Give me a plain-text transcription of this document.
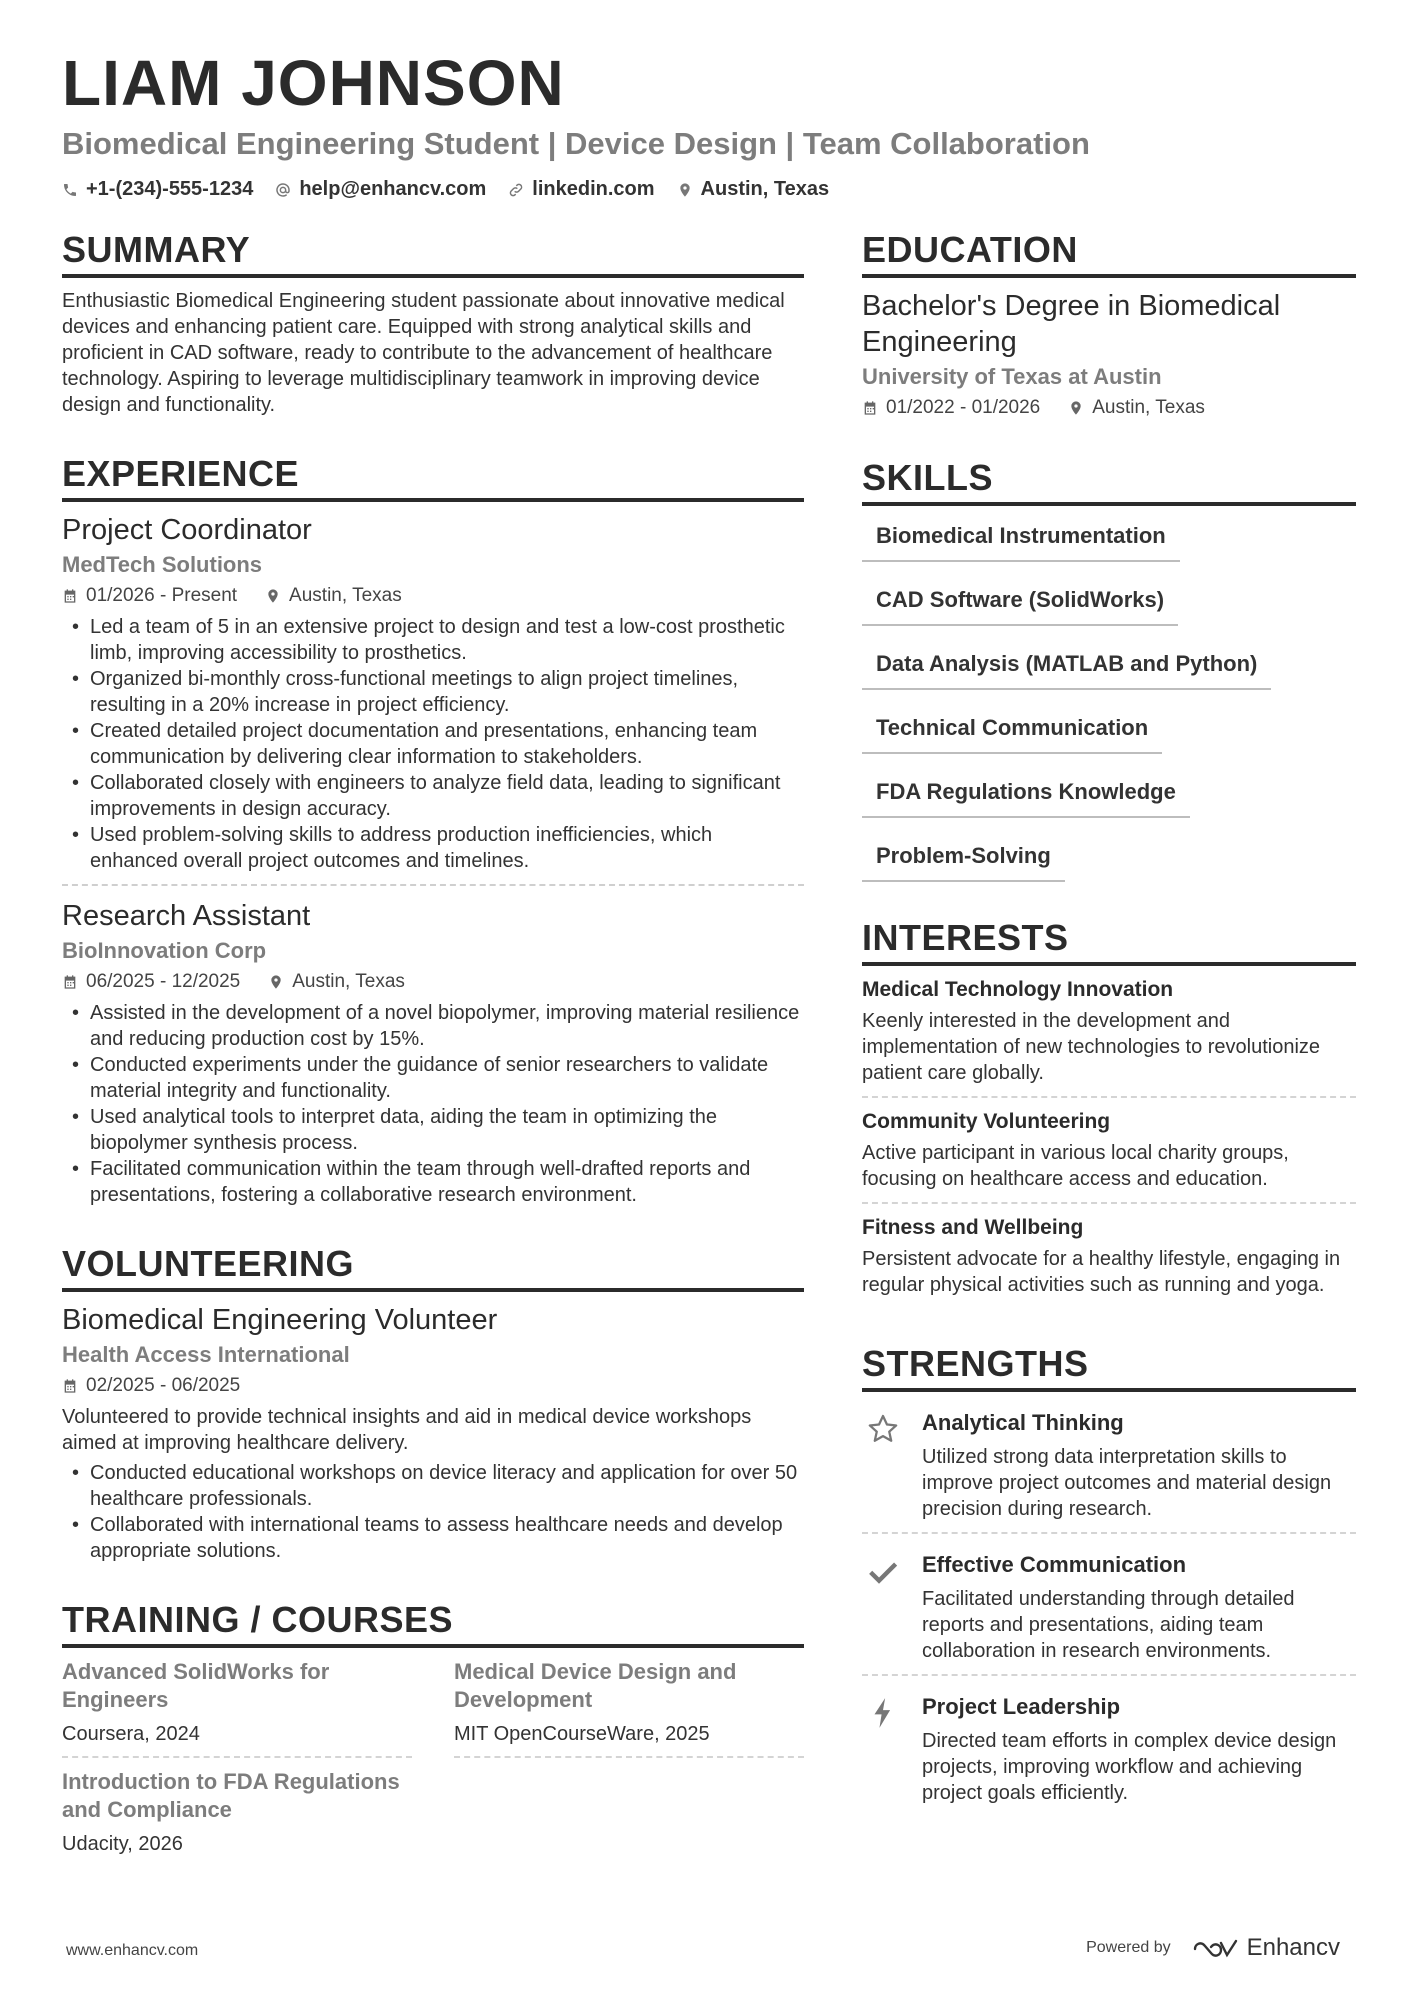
LIAM JOHNSON
Biomedical Engineering Student | Device Design | Team Collaboration
+1-(234)-555-1234 help@enhancv.com linkedin.com Austin, Texas
SUMMARY
Enthusiastic Biomedical Engineering student passionate about innovative medical devices and enhancing patient care. Equipped with strong analytical skills and proficient in CAD software, ready to contribute to the advancement of healthcare technology. Aspiring to leverage multidisciplinary teamwork in improving device design and functionality.
EXPERIENCE
Project Coordinator
MedTech Solutions
01/2026 - Present	Austin, Texas
• Led a team of 5 in an extensive project to design and test a low-cost prosthetic limb, improving accessibility to prosthetics.
• Organized bi-monthly cross-functional meetings to align project timelines, resulting in a 20% increase in project efficiency.
• Created detailed project documentation and presentations, enhancing team communication by delivering clear information to stakeholders.
• Collaborated closely with engineers to analyze field data, leading to significant improvements in design accuracy.
• Used problem-solving skills to address production inefficiencies, which enhanced overall project outcomes and timelines.
Research Assistant
BioInnovation Corp
06/2025 - 12/2025	Austin, Texas
• Assisted in the development of a novel biopolymer, improving material resilience and reducing production cost by 15%.
• Conducted experiments under the guidance of senior researchers to validate material integrity and functionality.
• Used analytical tools to interpret data, aiding the team in optimizing the biopolymer synthesis process.
• Facilitated communication within the team through well-drafted reports and presentations, fostering a collaborative research environment.
VOLUNTEERING
Biomedical Engineering Volunteer
Health Access International
02/2025 - 06/2025
Volunteered to provide technical insights and aid in medical device workshops aimed at improving healthcare delivery.
• Conducted educational workshops on device literacy and application for over 50 healthcare professionals.
• Collaborated with international teams to assess healthcare needs and develop appropriate solutions.
TRAINING / COURSES
Advanced SolidWorks for Engineers
Coursera, 2024
Medical Device Design and Development
MIT OpenCourseWare, 2025
Introduction to FDA Regulations and Compliance
Udacity, 2026
EDUCATION
Bachelor's Degree in Biomedical Engineering
University of Texas at Austin
01/2022 - 01/2026	Austin, Texas
SKILLS
Biomedical Instrumentation
CAD Software (SolidWorks)
Data Analysis (MATLAB and Python)
Technical Communication
FDA Regulations Knowledge
Problem-Solving
INTERESTS
Medical Technology Innovation
Keenly interested in the development and implementation of new technologies to revolutionize patient care globally.
Community Volunteering
Active participant in various local charity groups, focusing on healthcare access and education.
Fitness and Wellbeing
Persistent advocate for a healthy lifestyle, engaging in regular physical activities such as running and yoga.
STRENGTHS
Analytical Thinking
Utilized strong data interpretation skills to improve project outcomes and material design precision during research.
Effective Communication
Facilitated understanding through detailed reports and presentations, aiding team collaboration in research environments.
Project Leadership
Directed team efforts in complex device design projects, improving workflow and achieving project goals efficiently.
www.enhancv.com	Powered by	Enhancv
